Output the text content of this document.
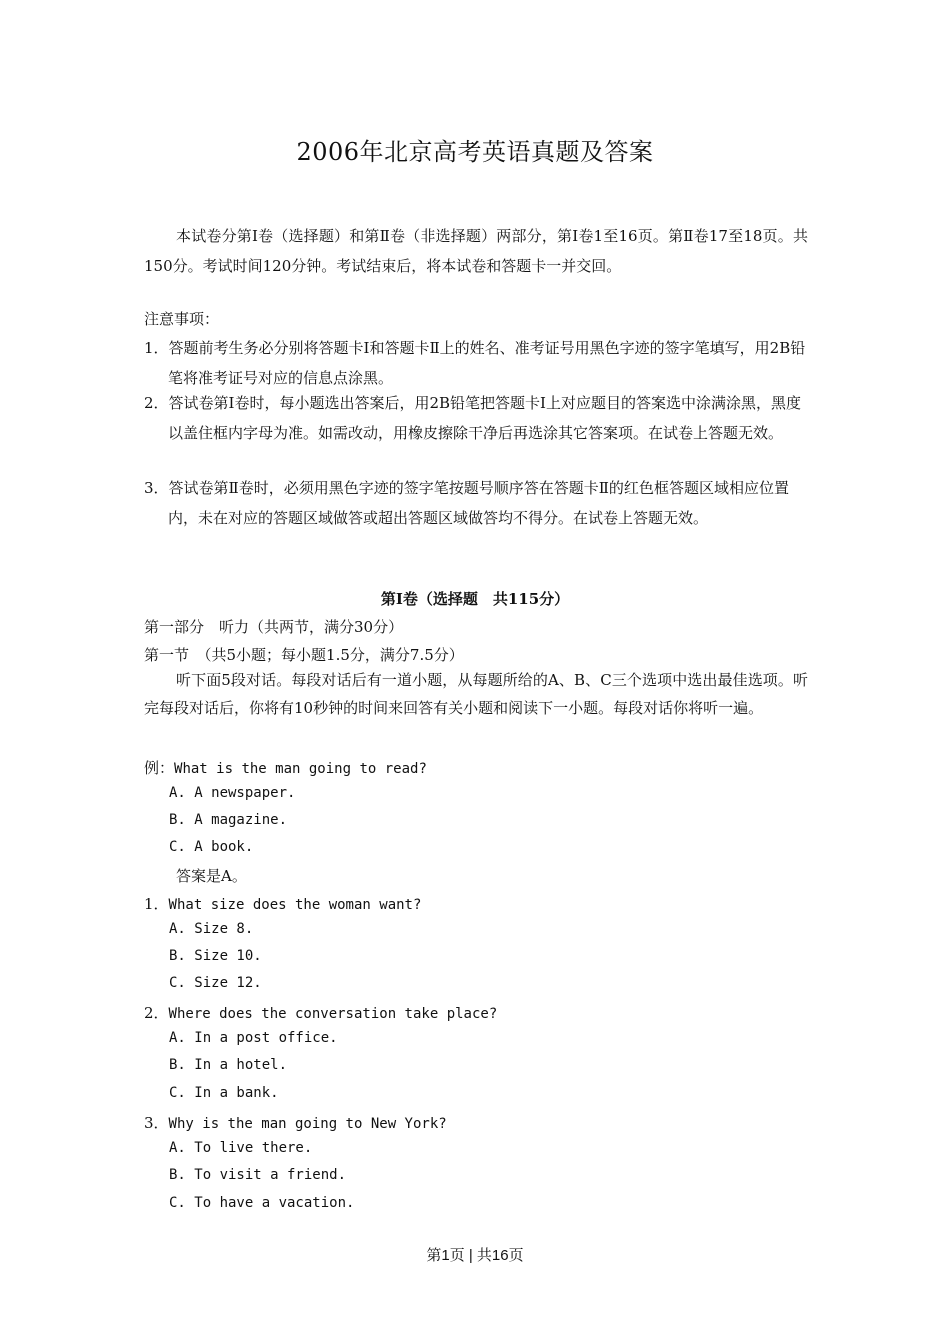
2006年北京高考英语真题及答案
本试卷分第Ⅰ卷（选择题）和第Ⅱ卷（非选择题）两部分，第Ⅰ卷1至16页。第Ⅱ卷17至18页。共150分。考试时间120分钟。考试结束后，将本试卷和答题卡一并交回。
注意事项：
1．答题前考生务必分别将答题卡Ⅰ和答题卡Ⅱ上的姓名、准考证号用黑色字迹的签字笔填写，用2B铅笔将准考证号对应的信息点涂黑。
2．答试卷第Ⅰ卷时，每小题选出答案后，用2B铅笔把答题卡Ⅰ上对应题目的答案选中涂满涂黑，黑度以盖住框内字母为准。如需改动，用橡皮擦除干净后再选涂其它答案项。在试卷上答题无效。
3．答试卷第Ⅱ卷时，必须用黑色字迹的签字笔按题号顺序答在答题卡Ⅱ的红色框答题区域相应位置内，未在对应的答题区域做答或超出答题区域做答均不得分。在试卷上答题无效。
第Ⅰ卷（选择题　共115分）
第一部分　听力（共两节，满分30分）
第一节　（共5小题；每小题1.5分，满分7.5分）
听下面5段对话。每段对话后有一道小题，从每题所给的A、B、C三个选项中选出最佳选项。听完每段对话后，你将有10秒钟的时间来回答有关小题和阅读下一小题。每段对话你将听一遍。
例：What is the man going to read?
A. A newspaper.
B. A magazine.
C. A book.
答案是A。
1．What size does the woman want?
A. Size 8.
B. Size 10.
C. Size 12.
2．Where does the conversation take place?
A. In a post office.
B. In a hotel.
C. In a bank.
3．Why is the man going to New York?
A. To live there.
B. To visit a friend.
C. To have a vacation.
第1页 | 共16页
